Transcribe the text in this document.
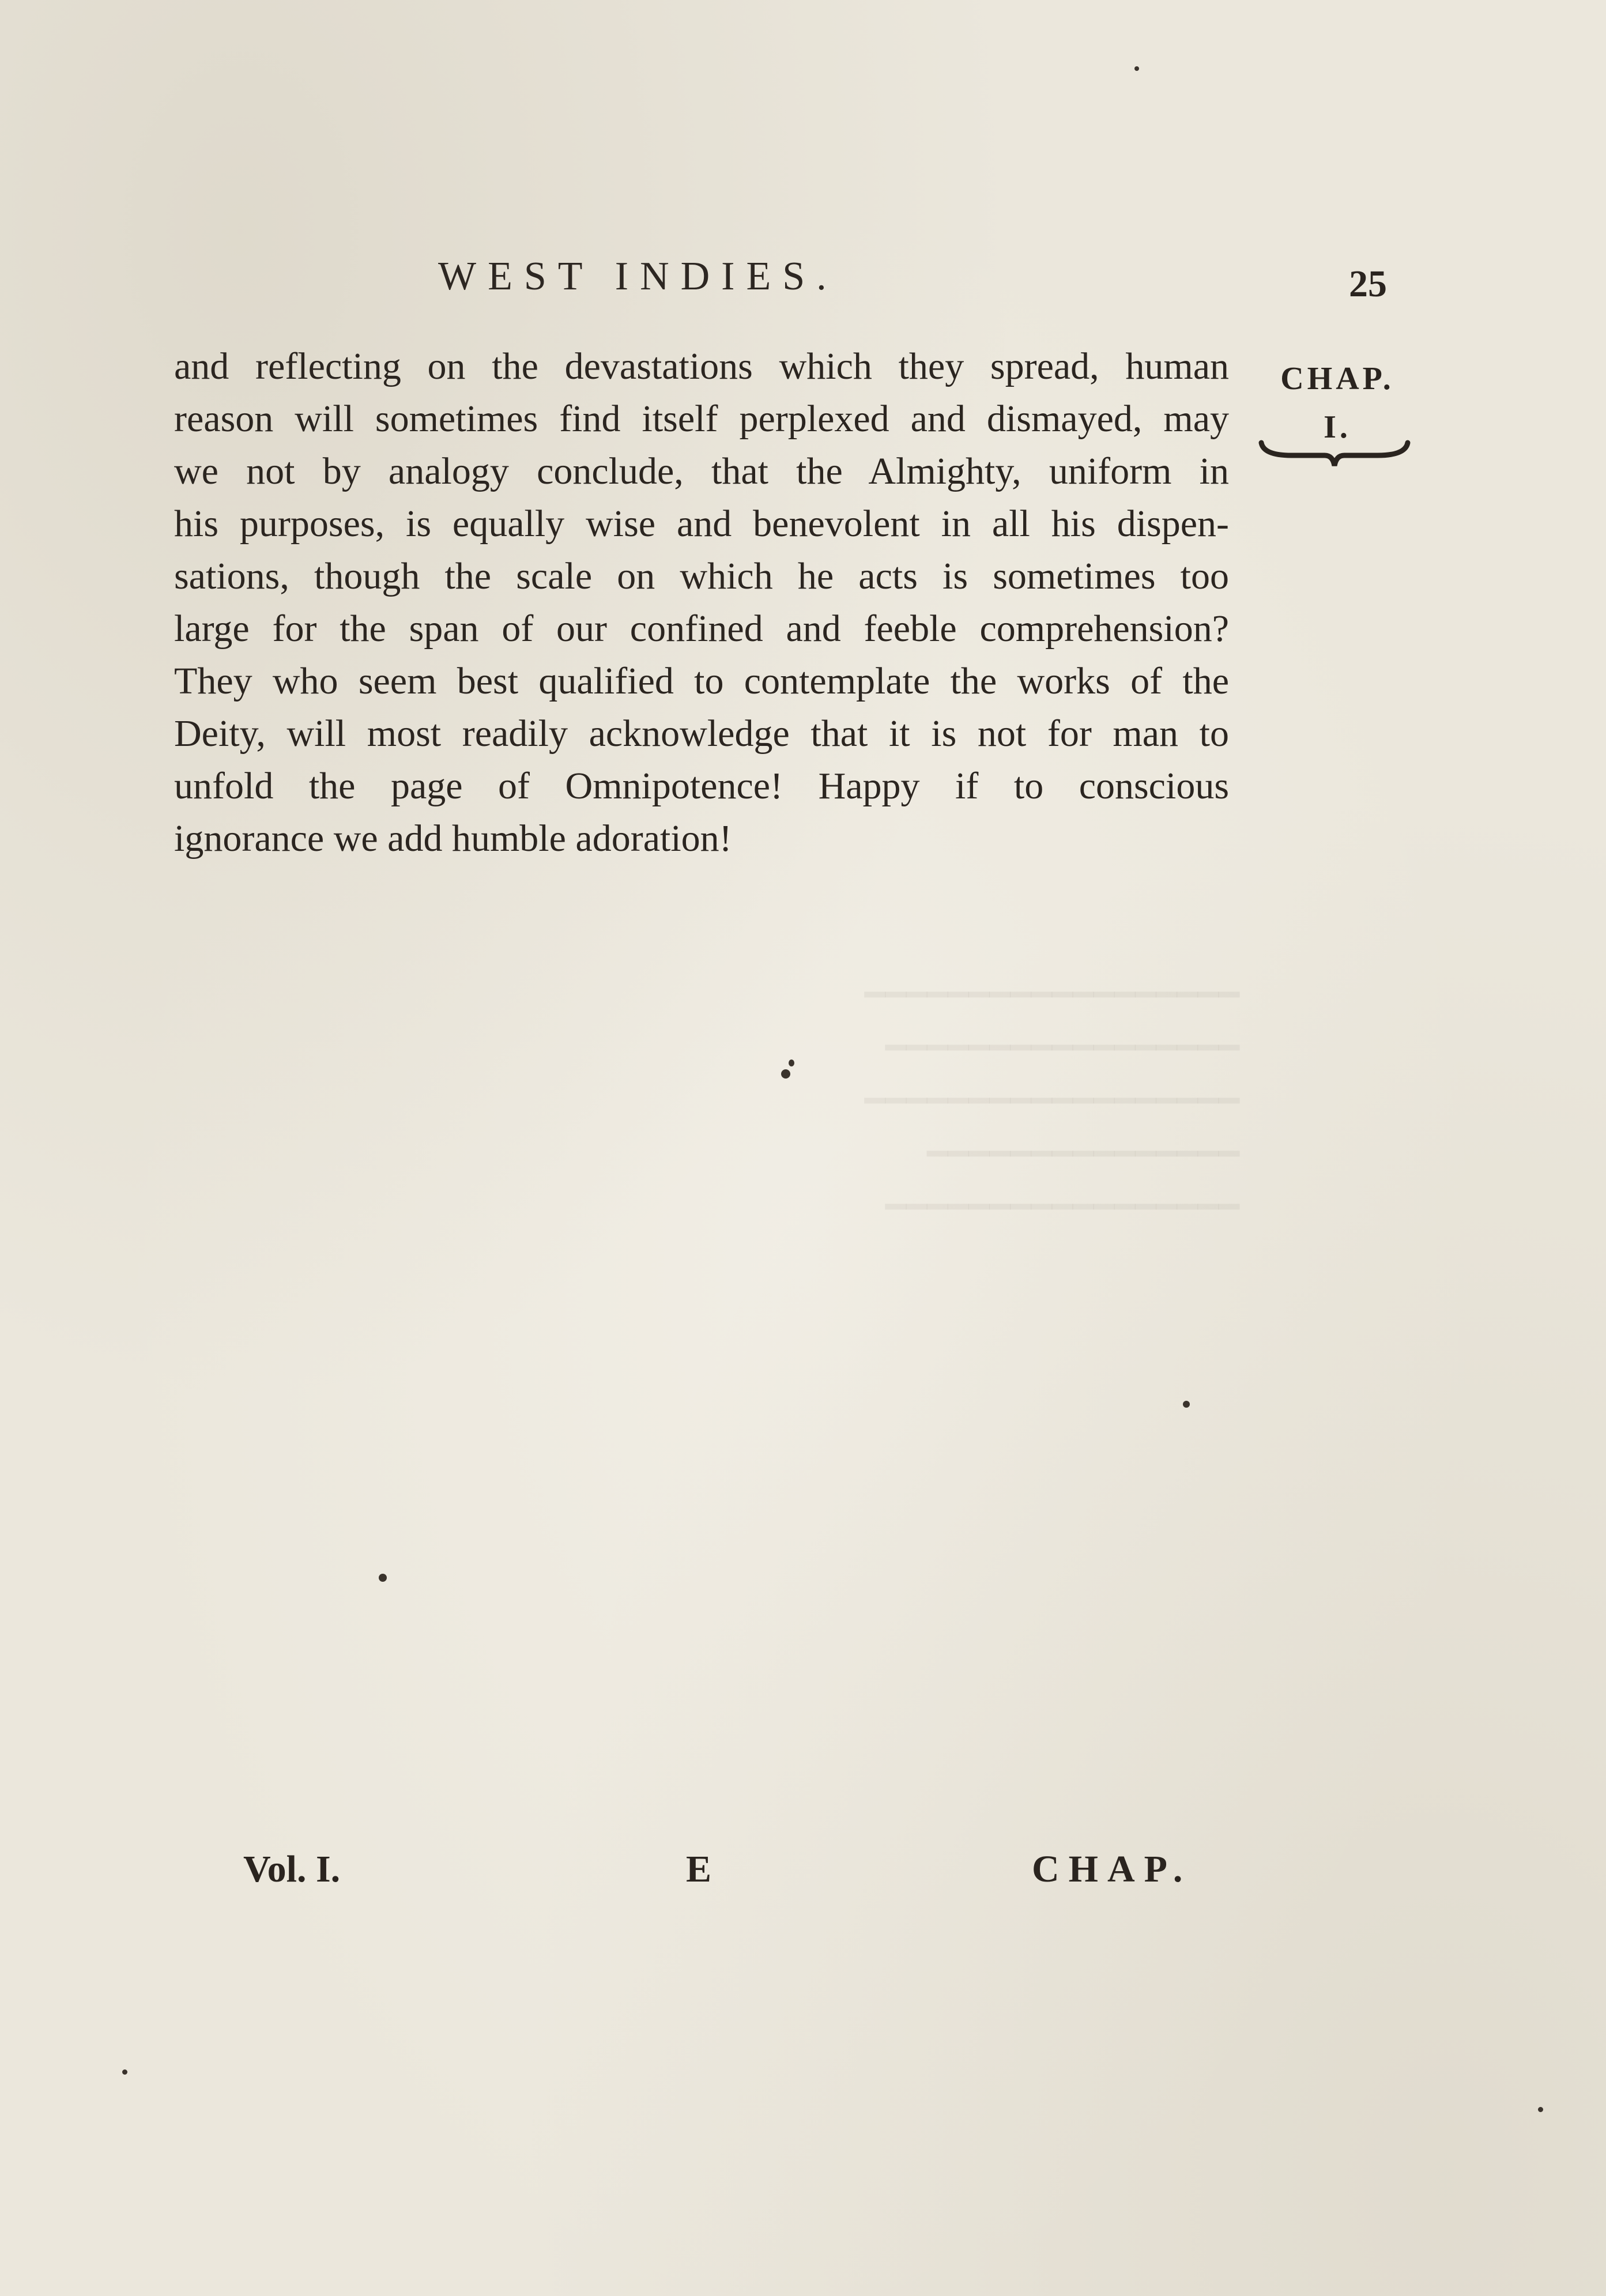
━━━━━━━━━━━━━━━━━━
━━━━━━━━━━━━━━━━━
━━━━━━━━━━━━━━━━━━
━━━━━━━━━━━━━━━
━━━━━━━━━━━━━━━━━
WEST INDIES.	25
CHAP.
I.
and reflecting on the devastations which they spread, human
reason will sometimes find itself perplexed and dismayed, may
we not by analogy conclude, that the Almighty, uniform in
his purposes, is equally wise and benevolent in all his dispen-
sations, though the scale on which he acts is sometimes too
large for the span of our confined and feeble comprehension?
They who seem best qualified to contemplate the works of the
Deity, will most readily acknowledge that it is not for man to
unfold the page of Omnipotence! Happy if to conscious
ignorance we add humble adoration!
Vol. I.	E	CHAP.
